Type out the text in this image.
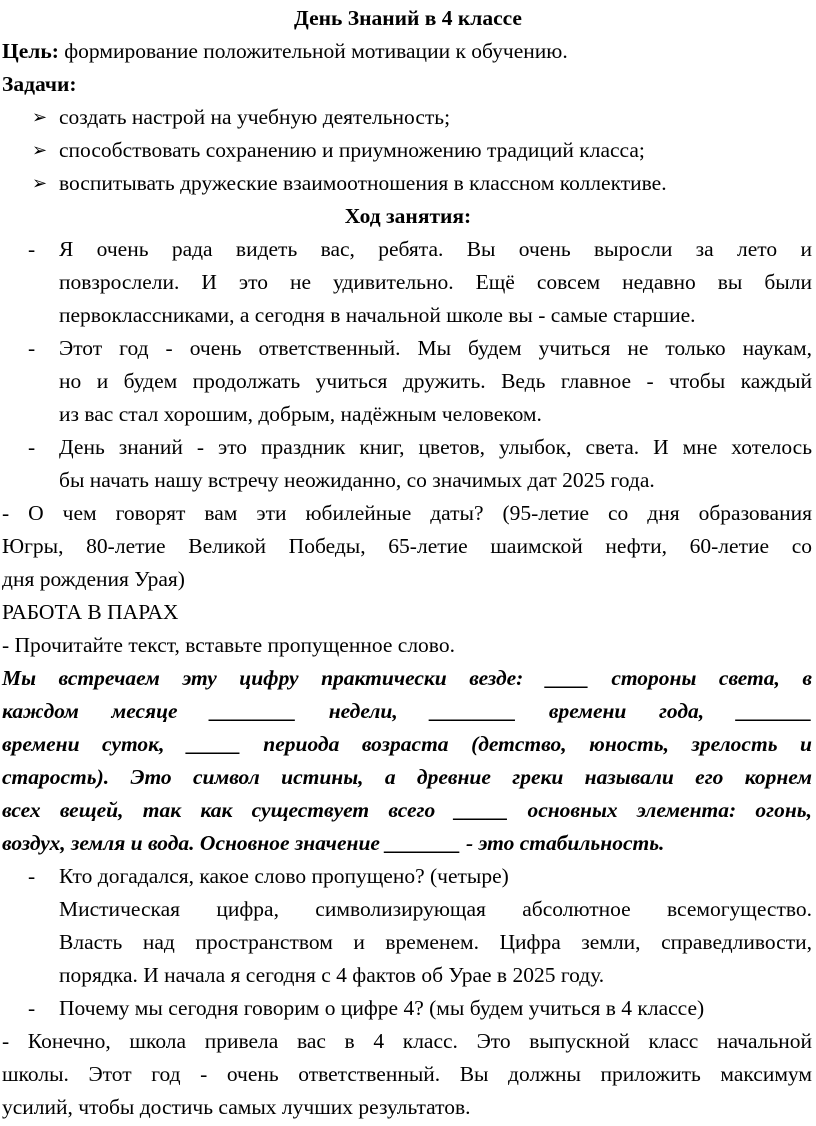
День Знаний в 4 классе
Цель: формирование положительной мотивации к обучению.
Задачи:
➢ создать настрой на учебную деятельность;
➢ способствовать сохранению и приумножению традиций класса;
➢ воспитывать дружеские взаимоотношения в классном коллективе.
Ход занятия:
- Я очень рада видеть вас, ребята. Вы очень выросли за лето и
повзрослели. И это не удивительно. Ещё совсем недавно вы были
первоклассниками, а сегодня в начальной школе вы - самые старшие.
- Этот год - очень ответственный. Мы будем учиться не только наукам,
но и будем продолжать учиться дружить. Ведь главное - чтобы каждый
из вас стал хорошим, добрым, надёжным человеком.
- День знаний - это праздник книг, цветов, улыбок, света. И мне хотелось
бы начать нашу встречу неожиданно, со значимых дат 2025 года.
- О чем говорят вам эти юбилейные даты? (95-летие со дня образования
Югры, 80-летие Великой Победы, 65-летие шаимской нефти, 60-летие со
дня рождения Урая)
РАБОТА В ПАРАХ
- Прочитайте текст, вставьте пропущенное слово.
Мы встречаем эту цифру практически везде: ____ стороны света, в
каждом месяце ________ недели, ________ времени года, _______
времени суток, _____ периода возраста (детство, юность, зрелость и
старость). Это символ истины, а древние греки называли его корнем
всех вещей, так как существует всего _____ основных элемента: огонь,
воздух, земля и вода. Основное значение _______ - это стабильность.
- Кто догадался, какое слово пропущено? (четыре)
Мистическая цифра, символизирующая абсолютное всемогущество.
Власть над пространством и временем. Цифра земли, справедливости,
порядка. И начала я сегодня с 4 фактов об Урае в 2025 году.
- Почему мы сегодня говорим о цифре 4? (мы будем учиться в 4 классе)
- Конечно, школа привела вас в 4 класс. Это выпускной класс начальной
школы. Этот год - очень ответственный. Вы должны приложить максимум
усилий, чтобы достичь самых лучших результатов.
